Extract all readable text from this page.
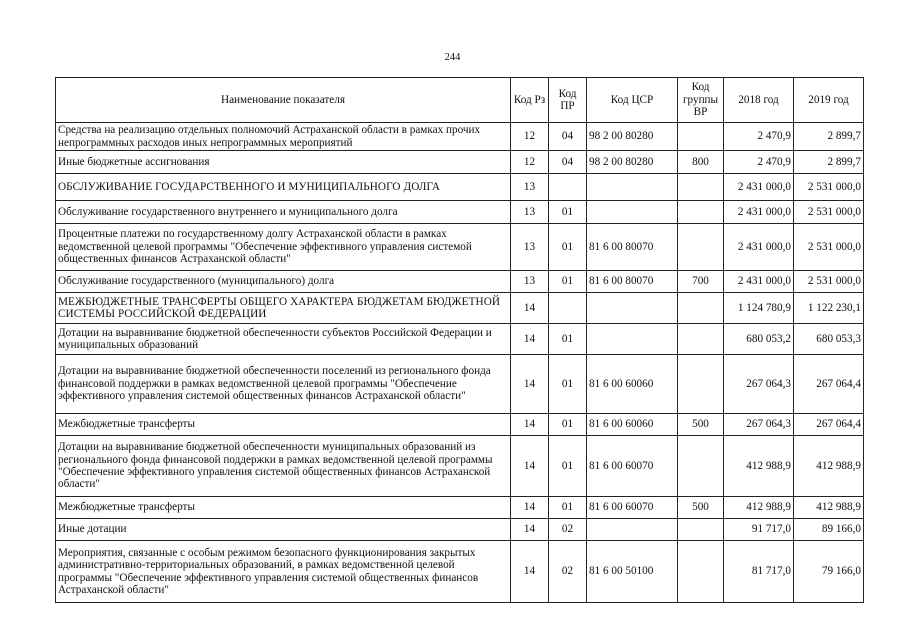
244
Наименование показателя	Код Рз	Код ПР	Код ЦСР	Код группы ВР	2018 год	2019 год
Средства на реализацию отдельных полномочий Астраханской области в рамках прочих непрограммных расходов иных непрограммных мероприятий	12	04	98 2 00 80280		2 470,9	2 899,7
Иные бюджетные ассигнования	12	04	98 2 00 80280	800	2 470,9	2 899,7
ОБСЛУЖИВАНИЕ ГОСУДАРСТВЕННОГО И МУНИЦИПАЛЬНОГО ДОЛГА	13				2 431 000,0	2 531 000,0
Обслуживание государственного внутреннего и муниципального долга	13	01			2 431 000,0	2 531 000,0
Процентные платежи по государственному долгу Астраханской области в рамках ведомственной целевой программы "Обеспечение эффективного управления системой общественных финансов Астраханской области"	13	01	81 6 00 80070		2 431 000,0	2 531 000,0
Обслуживание государственного (муниципального) долга	13	01	81 6 00 80070	700	2 431 000,0	2 531 000,0
МЕЖБЮДЖЕТНЫЕ ТРАНСФЕРТЫ ОБЩЕГО ХАРАКТЕРА БЮДЖЕТАМ БЮДЖЕТНОЙ СИСТЕМЫ РОССИЙСКОЙ ФЕДЕРАЦИИ	14				1 124 780,9	1 122 230,1
Дотации на выравнивание бюджетной обеспеченности субъектов Российской Федерации и муниципальных образований	14	01			680 053,2	680 053,3
Дотации на выравнивание бюджетной обеспеченности поселений из регионального фонда финансовой поддержки в рамках ведомственной целевой программы "Обеспечение эффективного управления системой общественных финансов Астраханской области"	14	01	81 6 00 60060		267 064,3	267 064,4
Межбюджетные трансферты	14	01	81 6 00 60060	500	267 064,3	267 064,4
Дотации на выравнивание бюджетной обеспеченности муниципальных образований из регионального фонда финансовой поддержки в рамках ведомственной целевой программы "Обеспечение эффективного управления системой общественных финансов Астраханской области"	14	01	81 6 00 60070		412 988,9	412 988,9
Межбюджетные трансферты	14	01	81 6 00 60070	500	412 988,9	412 988,9
Иные дотации	14	02			91 717,0	89 166,0
Мероприятия, связанные с особым режимом безопасного функционирования закрытых административно-территориальных образований, в рамках ведомственной целевой программы "Обеспечение эффективного управления системой общественных финансов Астраханской области"	14	02	81 6 00 50100		81 717,0	79 166,0
